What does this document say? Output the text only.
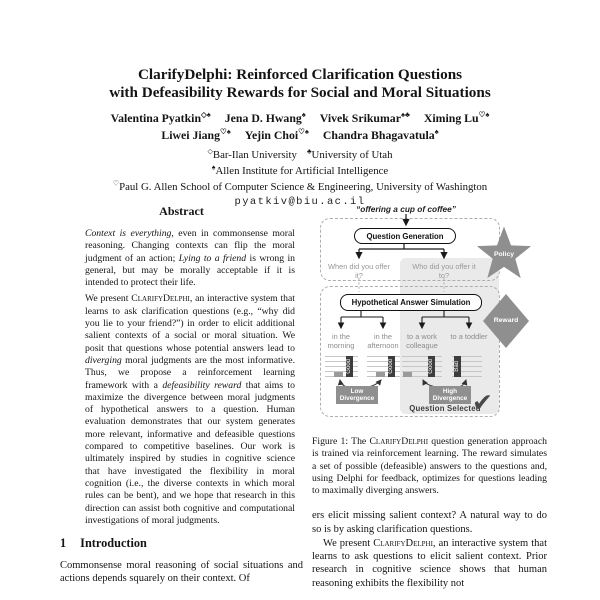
ClarifyDelphi: Reinforced Clarification Questions
with Defeasibility Rewards for Social and Moral Situations
Valentina Pyatkin◇♠ Jena D. Hwang♠ Vivek Srikumar♠♣ Ximing Lu♡♠
Liwei Jiang♡♠ Yejin Choi♡♠ Chandra Bhagavatula♠
◇Bar-Ilan University ♣University of Utah
♠Allen Institute for Artificial Intelligence
♡Paul G. Allen School of Computer Science & Engineering, University of Washington
pyatkiv@biu.ac.il
Abstract

Context is everything, even in commonsense moral reasoning. Changing contexts can flip the moral judgment of an action; Lying to a friend is wrong in general, but may be morally acceptable if it is intended to protect their life.

We present ClarifyDelphi, an interactive system that learns to ask clarification questions (e.g., “why did you lie to your friend?”) in order to elicit additional salient contexts of a social or moral situation. We posit that questions whose potential answers lead to diverging moral judgments are the most informative. Thus, we propose a reinforcement learning framework with a defeasibility reward that aims to maximize the divergence between moral judgments of hypothetical answers to a question. Human evaluation demonstrates that our system generates more relevant, informative and defeasible questions compared to competitive baselines. Our work is ultimately inspired by studies in cognitive science that have investigated the flexibility in moral cognition (i.e., the diverse contexts in which moral rules can be bent), and we hope that research in this direction can assist both cognitive and computational investigations of moral judgments.

1 Introduction

Commonsense moral reasoning of social situations and actions depends squarely on their context. Of

“offering a cup of coffee”
Question Generation
When did you offer it?
Who did you offer it to?
Hypothetical Answer Simulation
in the morning
in the afternoon
to a work colleague
to a toddler
Good	Good	Good	Bad
Low Divergence
High Divergence
Question Selected
✔
Policy
Reward
Figure 1: The ClarifyDelphi question generation approach is trained via reinforcement learning. The reward simulates a set of possible (defeasible) answers to the questions and, using Delphi for feedback, optimizes for questions leading to maximally diverging answers.

ers elicit missing salient context? A natural way to do so is by asking clarification questions.

We present ClarifyDelphi, an interactive system that learns to ask questions to elicit salient context. Prior research in cognitive science shows that human reasoning exhibits the flexibility not
